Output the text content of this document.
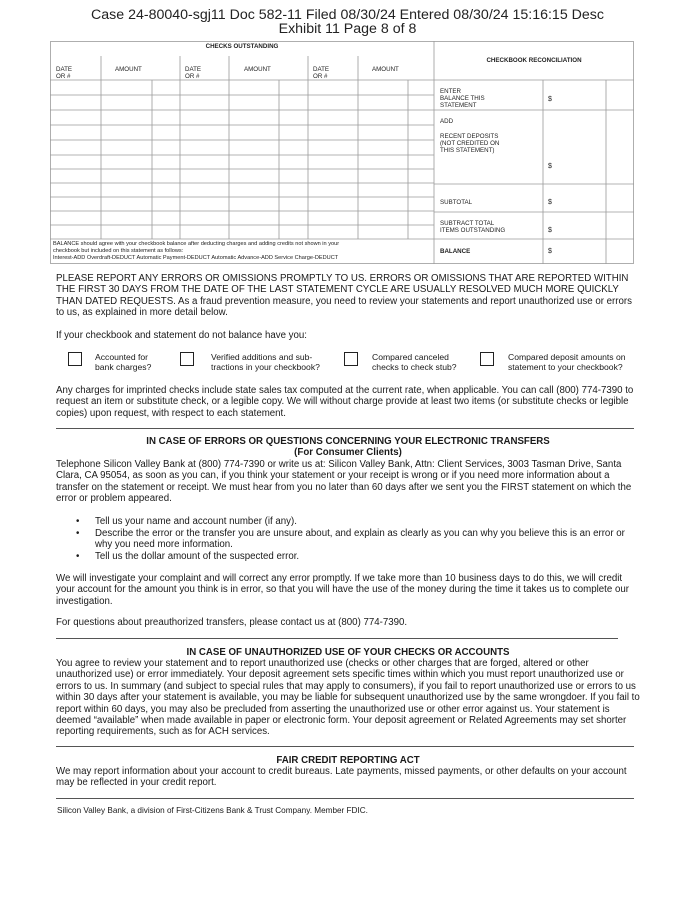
Case 24-80040-sgj11 Doc 582-11 Filed 08/30/24 Entered 08/30/24 15:16:15 Desc
Exhibit 11 Page 8 of 8
CHECKS OUTSTANDING
DATE
OR #
AMOUNT	DATE
OR #
AMOUNT	DATE
OR #
AMOUNT
BALANCE should agree with your checkbook balance after deducting charges and adding credits not shown in your
checkbook but included on this statement as follows:
Interest-ADD Overdraft-DEDUCT Automatic Payment-DEDUCT Automatic Advance-ADD Service Charge-DEDUCT
CHECKBOOK RECONCILIATION
ENTER
BALANCE THIS
STATEMENT
$
ADD
RECENT DEPOSITS
(NOT CREDITED ON
THIS STATEMENT)
$
SUBTOTAL	$
SUBTRACT TOTAL
ITEMS OUTSTANDING	$
BALANCE	$
PLEASE REPORT ANY ERRORS OR OMISSIONS PROMPTLY TO US. ERRORS OR OMISSIONS THAT ARE REPORTED WITHIN THE FIRST 30 DAYS FROM THE DATE OF THE LAST STATEMENT CYCLE ARE USUALLY RESOLVED MUCH MORE QUICKLY THAN DATED REQUESTS. As a fraud prevention measure, you need to review your statements and report unauthorized use or errors to us, as explained in more detail below.
If your checkbook and statement do not balance have you:
Accounted for
bank charges?
Verified additions and sub-
tractions in your checkbook?
Compared canceled
checks to check stub?
Compared deposit amounts on
statement to your checkbook?
Any charges for imprinted checks include state sales tax computed at the current rate, when applicable. You can call (800) 774-7390 to request an item or substitute check, or a legible copy. We will without charge provide at least two items (or substitute checks or legible copies) upon request, with respect to each statement.
IN CASE OF ERRORS OR QUESTIONS CONCERNING YOUR ELECTRONIC TRANSFERS
(For Consumer Clients)
Telephone Silicon Valley Bank at (800) 774-7390 or write us at: Silicon Valley Bank, Attn: Client Services, 3003 Tasman Drive, Santa Clara, CA 95054, as soon as you can, if you think your statement or your receipt is wrong or if you need more information about a transfer on the statement or receipt. We must hear from you no later than 60 days after we sent you the FIRST statement on which the error or problem appeared.
• Tell us your name and account number (if any).
• Describe the error or the transfer you are unsure about, and explain as clearly as you can why you believe this is an error or why you need more information.
• Tell us the dollar amount of the suspected error.
We will investigate your complaint and will correct any error promptly. If we take more than 10 business days to do this, we will credit your account for the amount you think is in error, so that you will have the use of the money during the time it takes us to complete our investigation.
For questions about preauthorized transfers, please contact us at (800) 774-7390.
IN CASE OF UNAUTHORIZED USE OF YOUR CHECKS OR ACCOUNTS
You agree to review your statement and to report unauthorized use (checks or other charges that are forged, altered or other unauthorized use) or error immediately. Your deposit agreement sets specific times within which you must report unauthorized use or errors to us. In summary (and subject to special rules that may apply to consumers), if you fail to report unauthorized use or errors to us within 30 days after your statement is available, you may be liable for subsequent unauthorized use by the same wrongdoer. If you fail to report within 60 days, you may also be precluded from asserting the unauthorized use or other error against us. Your statement is deemed “available” when made available in paper or electronic form. Your deposit agreement or Related Agreements may set shorter reporting requirements, such as for ACH services.
FAIR CREDIT REPORTING ACT
We may report information about your account to credit bureaus. Late payments, missed payments, or other defaults on your account may be reflected in your credit report.
Silicon Valley Bank, a division of First-Citizens Bank & Trust Company. Member FDIC.
